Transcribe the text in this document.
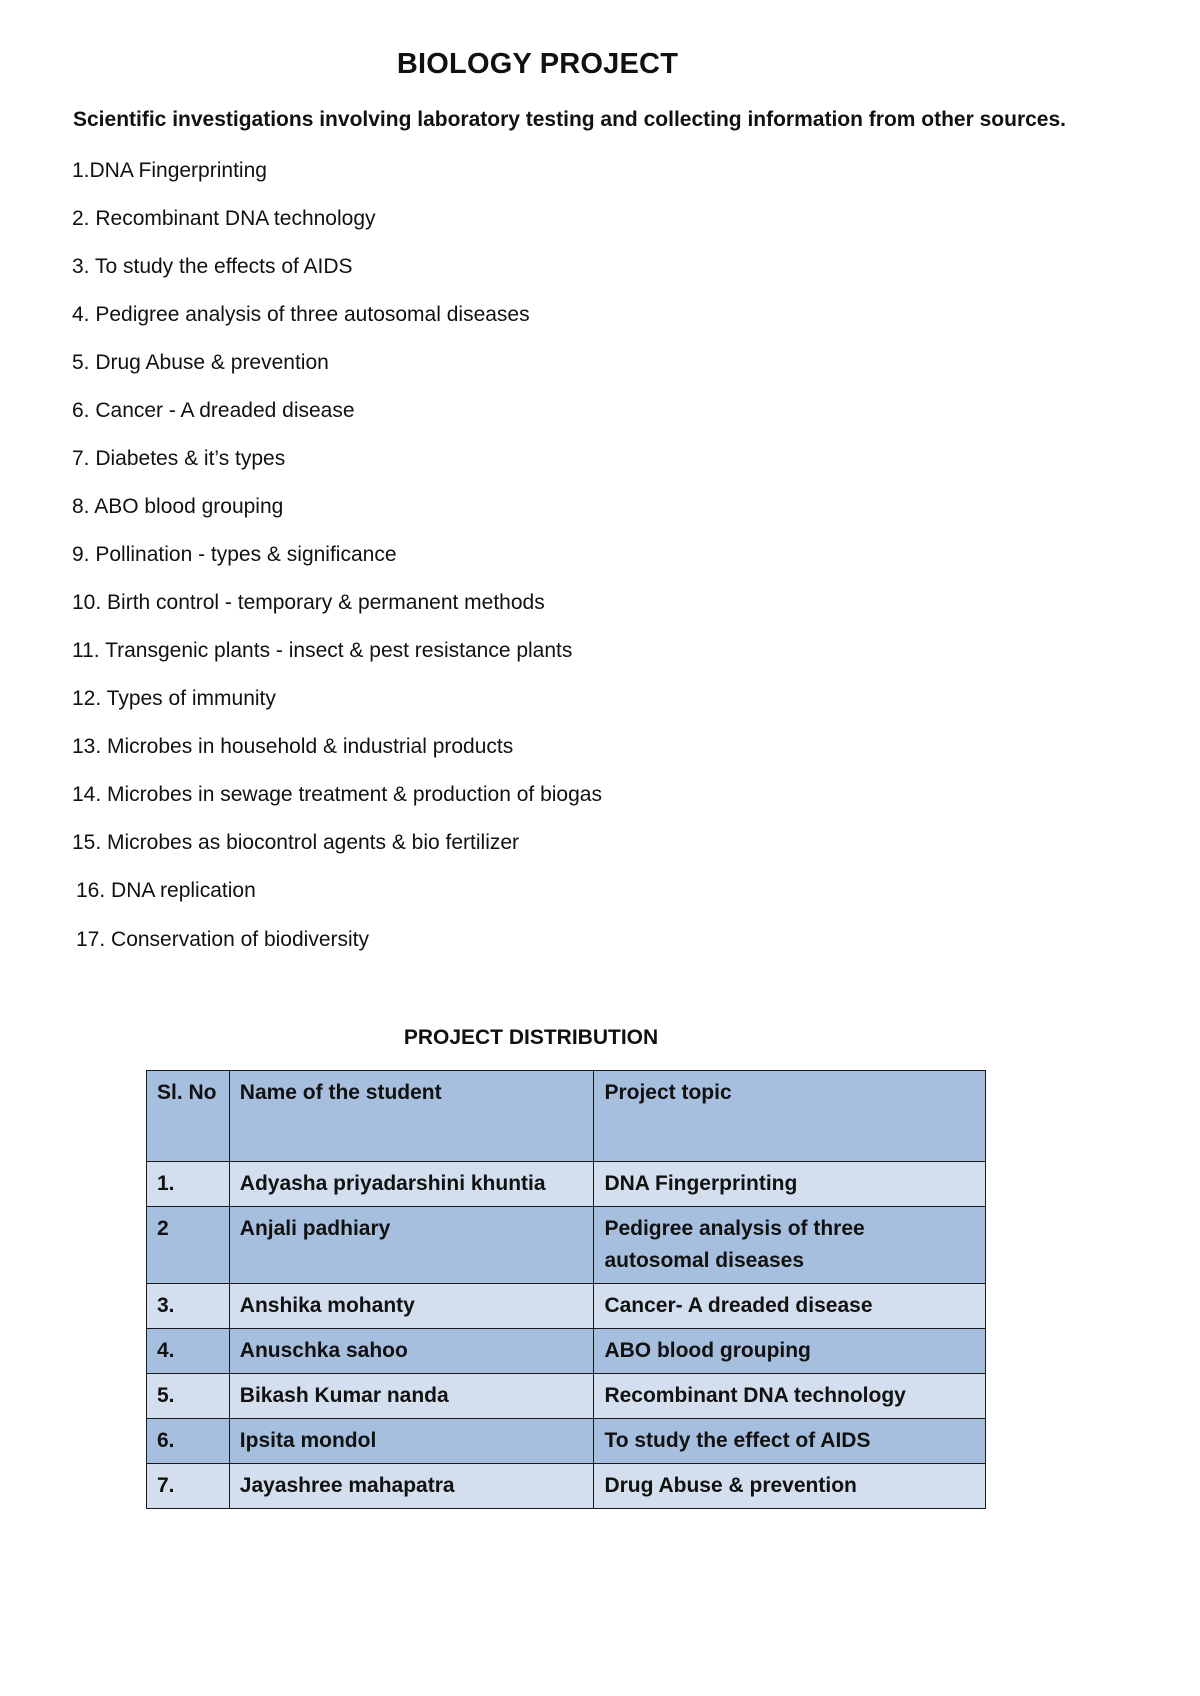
BIOLOGY PROJECT
Scientific investigations involving laboratory testing and collecting information from other sources.
1.DNA Fingerprinting
2. Recombinant DNA technology
3. To study the effects of AIDS
4. Pedigree analysis of three autosomal diseases
5. Drug Abuse & prevention
6. Cancer - A dreaded disease
7. Diabetes & it’s types
8. ABO blood grouping
9. Pollination - types & significance
10. Birth control - temporary & permanent methods
11. Transgenic plants - insect & pest resistance plants
12. Types of immunity
13. Microbes in household & industrial products
14. Microbes in sewage treatment & production of biogas
15. Microbes as biocontrol agents & bio fertilizer
16. DNA replication
17. Conservation of biodiversity
PROJECT DISTRIBUTION
Sl. No	Name of the student	Project topic
1.	Adyasha priyadarshini khuntia	DNA Fingerprinting
2	Anjali padhiary	Pedigree analysis of three autosomal diseases
3.	Anshika mohanty	Cancer- A dreaded disease
4.	Anuschka sahoo	ABO blood grouping
5.	Bikash Kumar nanda	Recombinant DNA technology
6.	Ipsita mondol	To study the effect of AIDS
7.	Jayashree mahapatra	Drug Abuse & prevention
